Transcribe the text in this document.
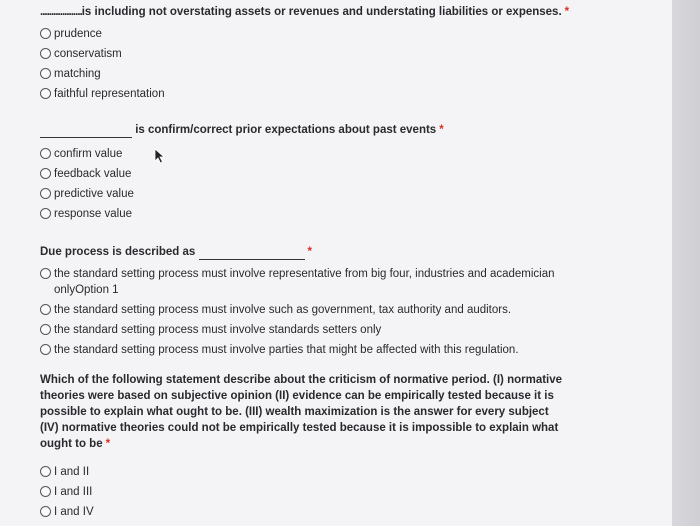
...................is including not overstating assets or revenues and understating liabilities or expenses. *
prudence
conservatism
matching
faithful representation
is confirm/correct prior expectations about past events *
confirm value
feedback value
predictive value
response value
Due process is described as	*
the standard setting process must involve representative from big four, industries and academician onlyOption 1
the standard setting process must involve such as government, tax authority and auditors.
the standard setting process must involve standards setters only
the standard setting process must involve parties that might be affected with this regulation.
Which of the following statement describe about the criticism of normative period. (I) normative theories were based on subjective opinion (II) evidence can be empirically tested because it is possible to explain what ought to be. (III) wealth maximization is the answer for every subject (IV) normative theories could not be empirically tested because it is impossible to explain what ought to be *
I and II
I and III
I and IV
